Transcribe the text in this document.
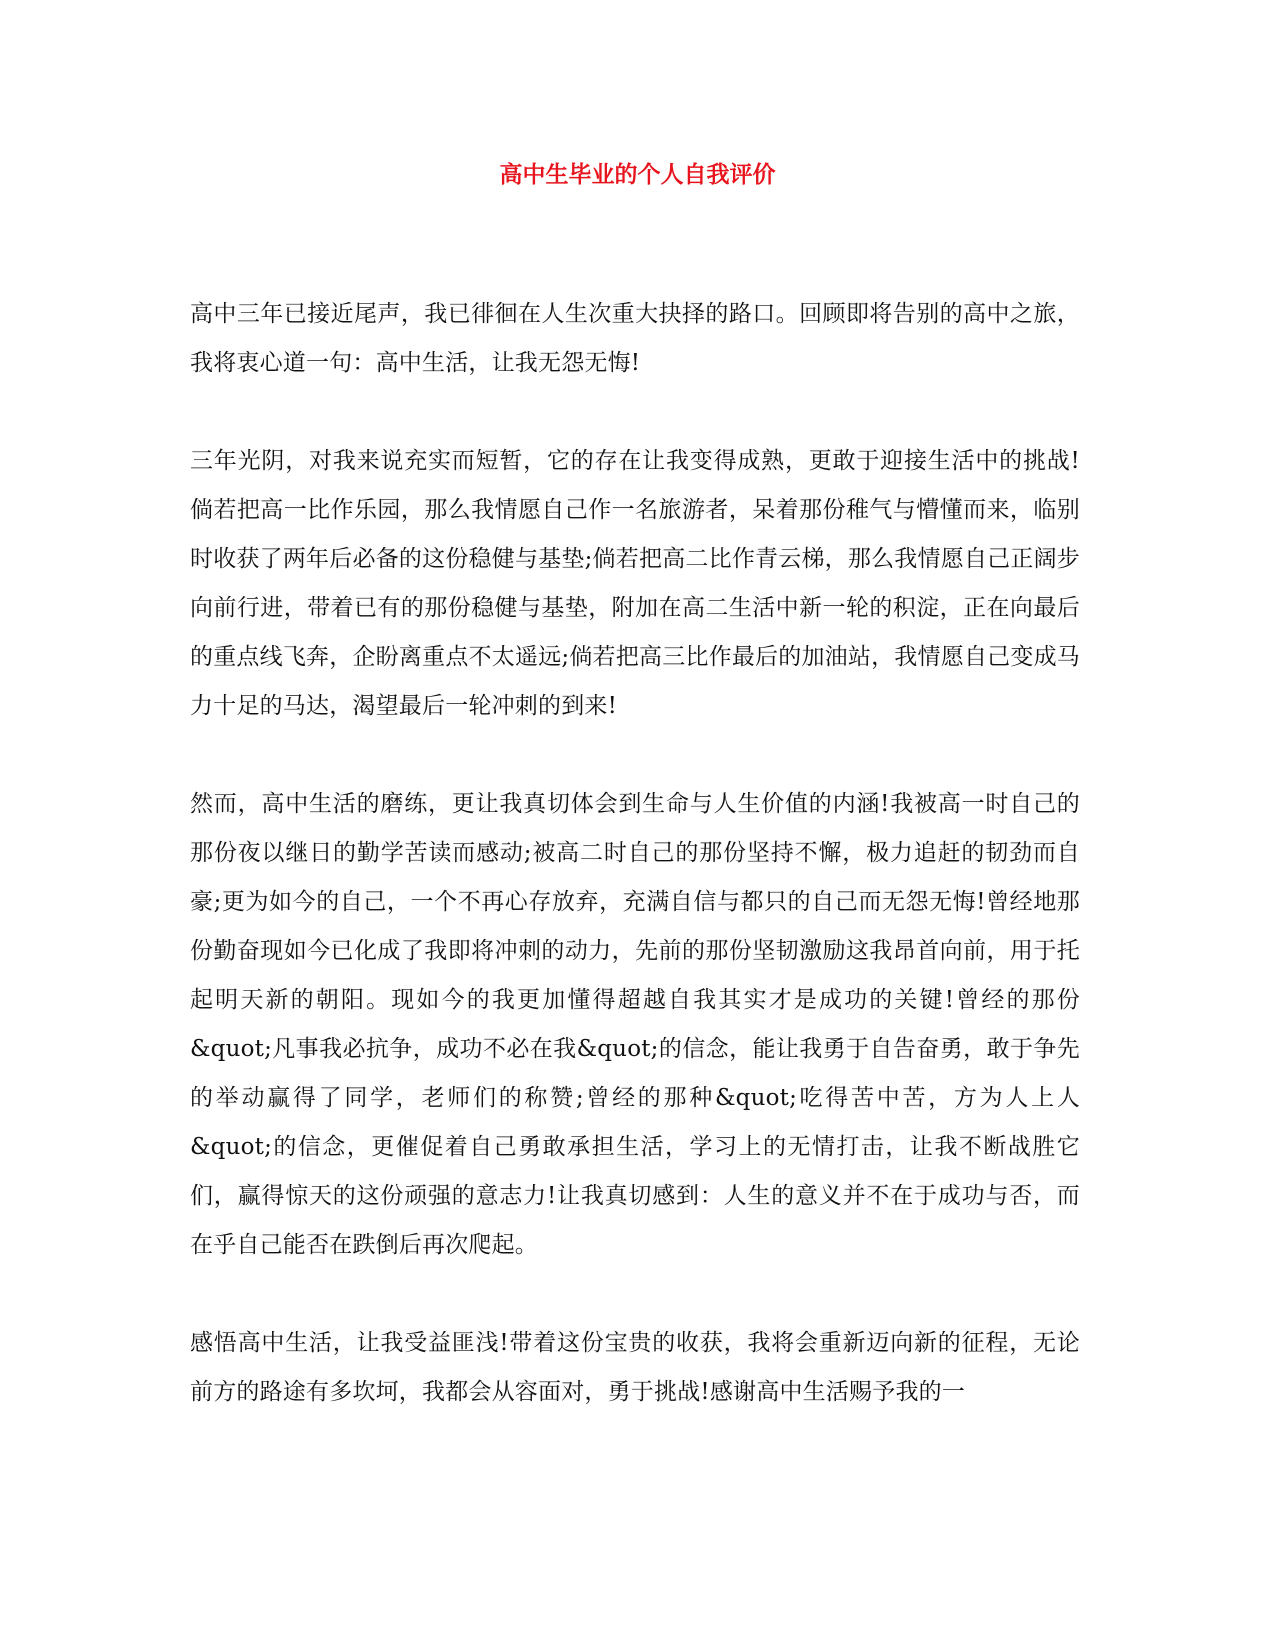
高中生毕业的个人自我评价

高中三年已接近尾声，我已徘徊在人生次重大抉择的路口。回顾即将告别的高中之旅，我将衷心道一句：高中生活，让我无怨无悔!

三年光阴，对我来说充实而短暂，它的存在让我变得成熟，更敢于迎接生活中的挑战!倘若把高一比作乐园，那么我情愿自己作一名旅游者，呆着那份稚气与懵懂而来，临别时收获了两年后必备的这份稳健与基垫;倘若把高二比作青云梯，那么我情愿自己正阔步向前行进，带着已有的那份稳健与基垫，附加在高二生活中新一轮的积淀，正在向最后的重点线飞奔，企盼离重点不太遥远;倘若把高三比作最后的加油站，我情愿自己变成马力十足的马达，渴望最后一轮冲刺的到来!

然而，高中生活的磨练，更让我真切体会到生命与人生价值的内涵!我被高一时自己的那份夜以继日的勤学苦读而感动;被高二时自己的那份坚持不懈，极力追赶的韧劲而自豪;更为如今的自己，一个不再心存放弃，充满自信与都只的自己而无怨无悔!曾经地那份勤奋现如今已化成了我即将冲刺的动力，先前的那份坚韧激励这我昂首向前，用于托起明天新的朝阳。现如今的我更加懂得超越自我其实才是成功的关键!曾经的那份&quot;凡事我必抗争，成功不必在我&quot;的信念，能让我勇于自告奋勇，敢于争先的举动赢得了同学，老师们的称赞;曾经的那种&quot;吃得苦中苦，方为人上人&quot;的信念，更催促着自己勇敢承担生活，学习上的无情打击，让我不断战胜它们，赢得惊天的这份顽强的意志力!让我真切感到：人生的意义并不在于成功与否，而在乎自己能否在跌倒后再次爬起。

感悟高中生活，让我受益匪浅!带着这份宝贵的收获，我将会重新迈向新的征程，无论前方的路途有多坎坷，我都会从容面对，勇于挑战!感谢高中生活赐予我的一
